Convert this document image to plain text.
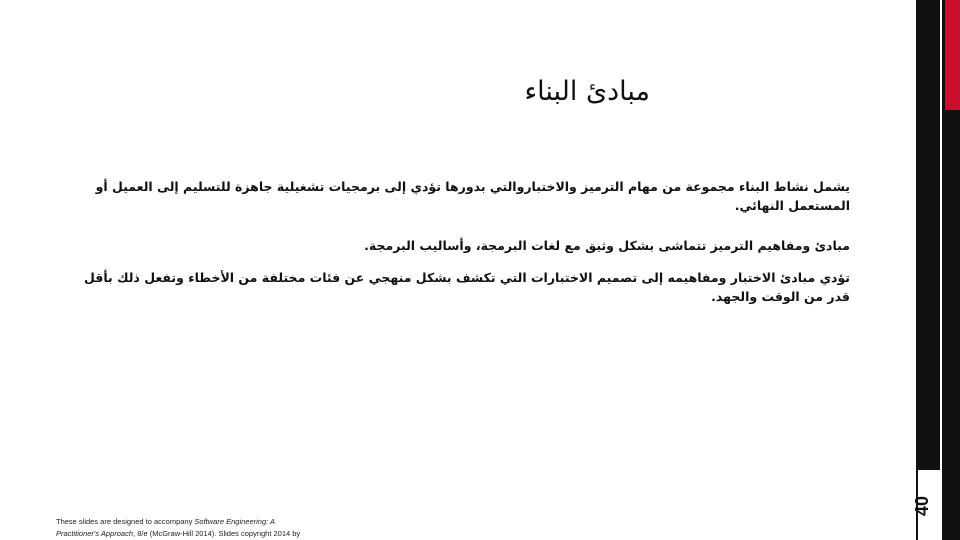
مبادئ البناء

يشمل نشاط البناء مجموعة من مهام الترميز والاختباروالتي بدورها تؤدي إلى برمجيات تشغيلية جاهزة للتسليم إلى العميل أو المستعمل النهائي.

مبادئ ومفاهيم الترميز تتماشى بشكل وثيق مع لغات البرمجة، وأساليب البرمجة.

تؤدي مبادئ الاختبار ومفاهيمه إلى تصميم الاختبارات التي تكشف بشكل منهجي عن فئات مختلفة من الأخطاء وتفعل ذلك بأقل قدر من الوقت والجهد.

These slides are designed to accompany Software Engineering: A
Practitioner's Approach, 8/e (McGraw-Hill 2014). Slides copyright 2014 by
40
